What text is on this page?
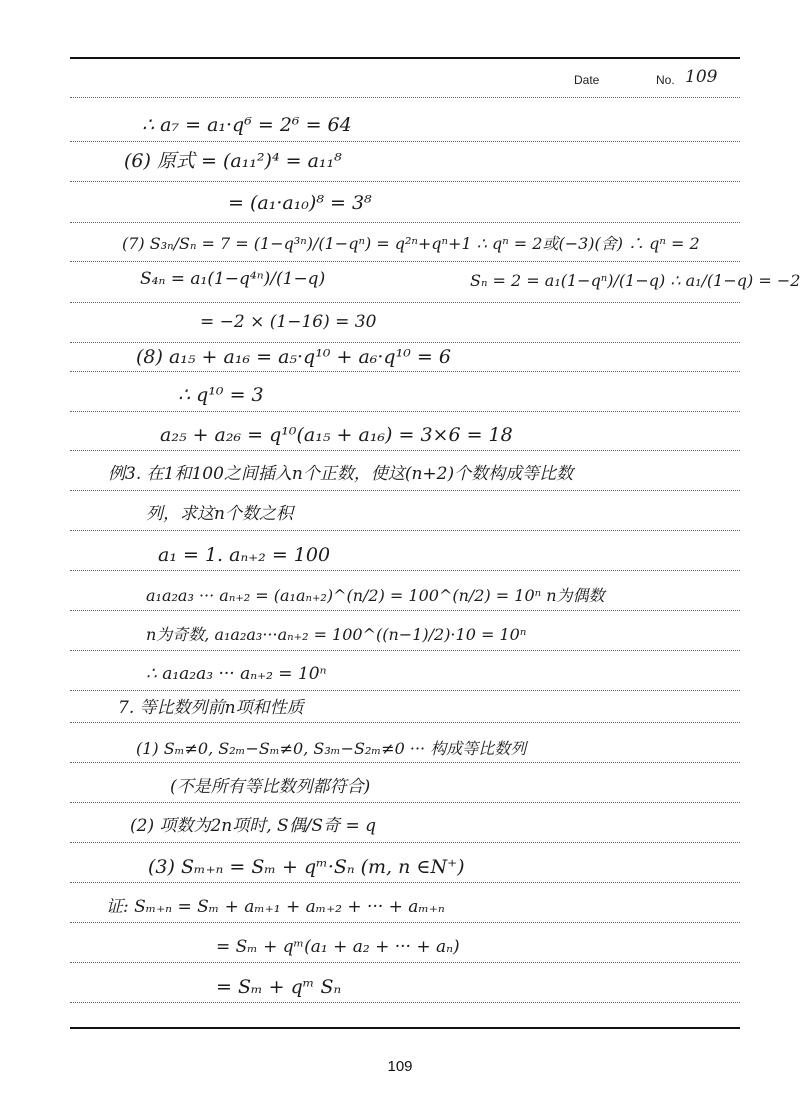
Date	No. 109
∴ a₇ = a₁·q⁶ = 2⁶ = 64
(6) 原式 = (a₁₁²)⁴ = a₁₁⁸
= (a₁·a₁₀)⁸ = 3⁸
(7) S₃ₙ/Sₙ = 7 = (1−q³ⁿ)/(1−qⁿ) = q²ⁿ+qⁿ+1 ∴ qⁿ = 2或(−3)(舍) ∴ qⁿ = 2
S₄ₙ = a₁(1−q⁴ⁿ)/(1−q)	Sₙ = 2 = a₁(1−qⁿ)/(1−q) ∴ a₁/(1−q) = −2
= −2 × (1−16) = 30
(8) a₁₅ + a₁₆ = a₅·q¹⁰ + a₆·q¹⁰ = 6
∴ q¹⁰ = 3
a₂₅ + a₂₆ = q¹⁰(a₁₅ + a₁₆) = 3×6 = 18
例3. 在1和100之间插入n个正数，使这(n+2)个数构成等比数
列，求这n个数之积
a₁ = 1. aₙ₊₂ = 100
a₁a₂a₃ ··· aₙ₊₂ = (a₁aₙ₊₂)^(n/2) = 100^(n/2) = 10ⁿ n为偶数
n为奇数, a₁a₂a₃···aₙ₊₂ = 100^((n−1)/2)·10 = 10ⁿ
∴ a₁a₂a₃ ··· aₙ₊₂ = 10ⁿ
7. 等比数列前n项和性质
(1) Sₘ≠0, S₂ₘ−Sₘ≠0, S₃ₘ−S₂ₘ≠0 ··· 构成等比数列
(不是所有等比数列都符合)
(2) 项数为2n项时, S偶/S奇 = q
(3) Sₘ₊ₙ = Sₘ + qᵐ·Sₙ (m, n ∈N⁺)
证: Sₘ₊ₙ = Sₘ + aₘ₊₁ + aₘ₊₂ + ··· + aₘ₊ₙ
= Sₘ + qᵐ(a₁ + a₂ + ··· + aₙ)
= Sₘ + qᵐ Sₙ
109
